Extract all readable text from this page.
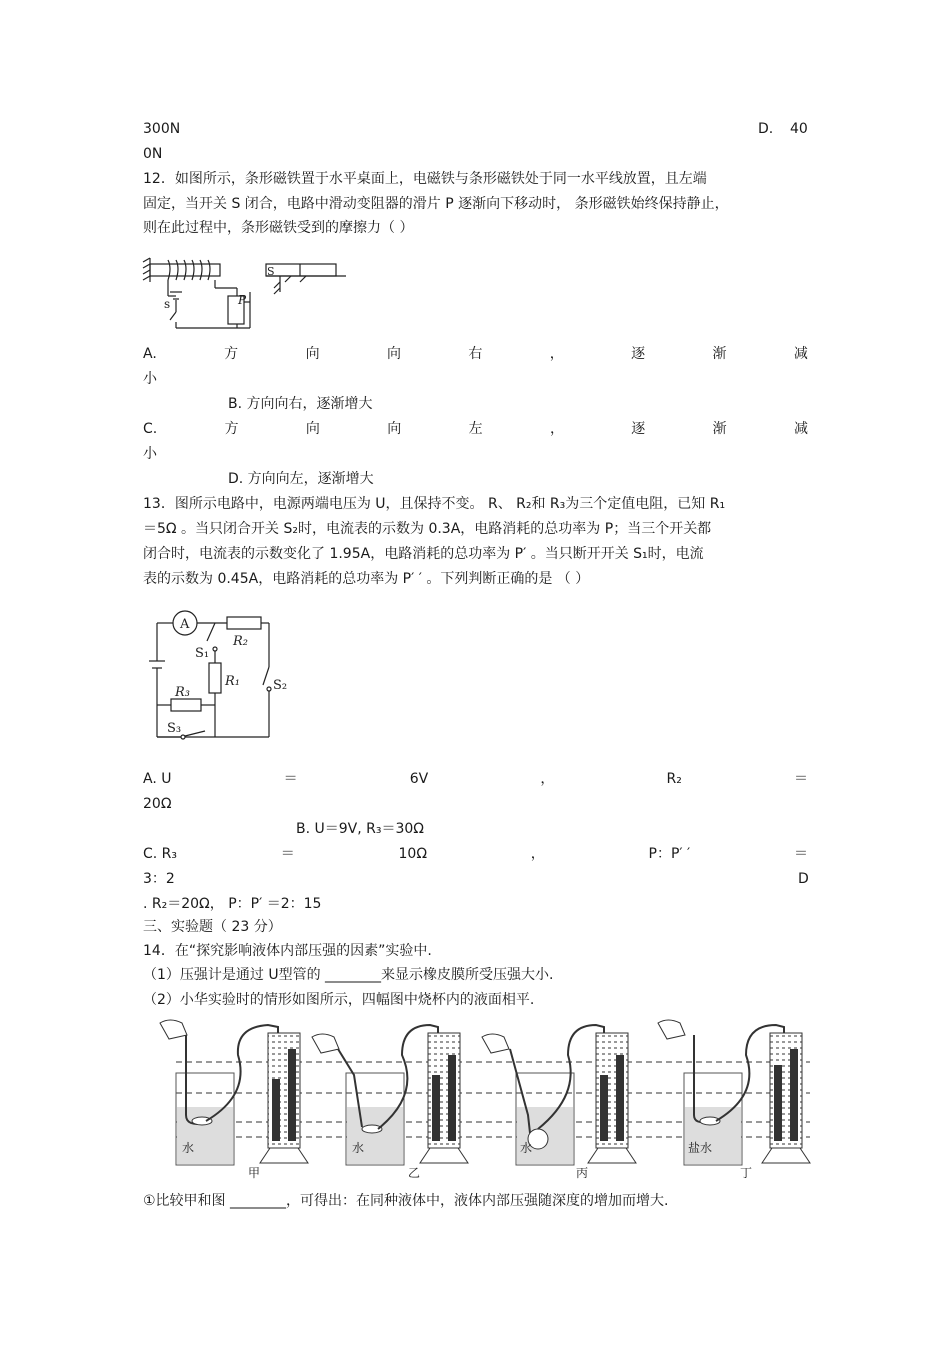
300N	D. 40
0N
12．如图所示，条形磁铁置于水平桌面上，电磁铁与条形磁铁处于同一水平线放置，且左端
固定，当开关 S 闭合，电路中滑动变阻器的滑片 P 逐渐向下移动时， 条形磁铁始终保持静止，
则在此过程中，条形磁铁受到的摩擦力（ ）
s	P
S
A.	方	向	向	右	，	逐	渐	减
小
B. 方向向右，逐渐增大
C.	方	向	向	左	，	逐	渐	减
小
D. 方向向左，逐渐增大
13．图所示电路中，电源两端电压为 U，且保持不变。 R、 R₂和 R₃为三个定值电阻，已知 R₁
＝5Ω 。当只闭合开关 S₂时，电流表的示数为 0.3A，电路消耗的总功率为 P；当三个开关都
闭合时，电流表的示数变化了 1.95A，电路消耗的总功率为 P′ 。当只断开开关 S₁时，电流
表的示数为 0.45A，电路消耗的总功率为 P′ ′ 。下列判断正确的是 （ ）
A
R₂
S₁
R₁	S₂
R₃
S₃
A. U	＝	6V	，	R₂	＝
20Ω
B. U＝9V, R₃＝30Ω
C. R₃	＝	10Ω	，	P：P′ ′	＝
3：2	D
. R₂＝20Ω， P：P′ ＝2：15
三、实验题（ 23 分）
14．在“探究影响液体内部压强的因素”实验中.
（1）压强计是通过 U型管的 ________来显示橡皮膜所受压强大小.
（2）小华实验时的情形如图所示，四幅图中烧杯内的液面相平.
水	水	水	盐水
甲	乙	丙	丁
①比较甲和图 ________，可得出：在同种液体中，液体内部压强随深度的增加而增大.
